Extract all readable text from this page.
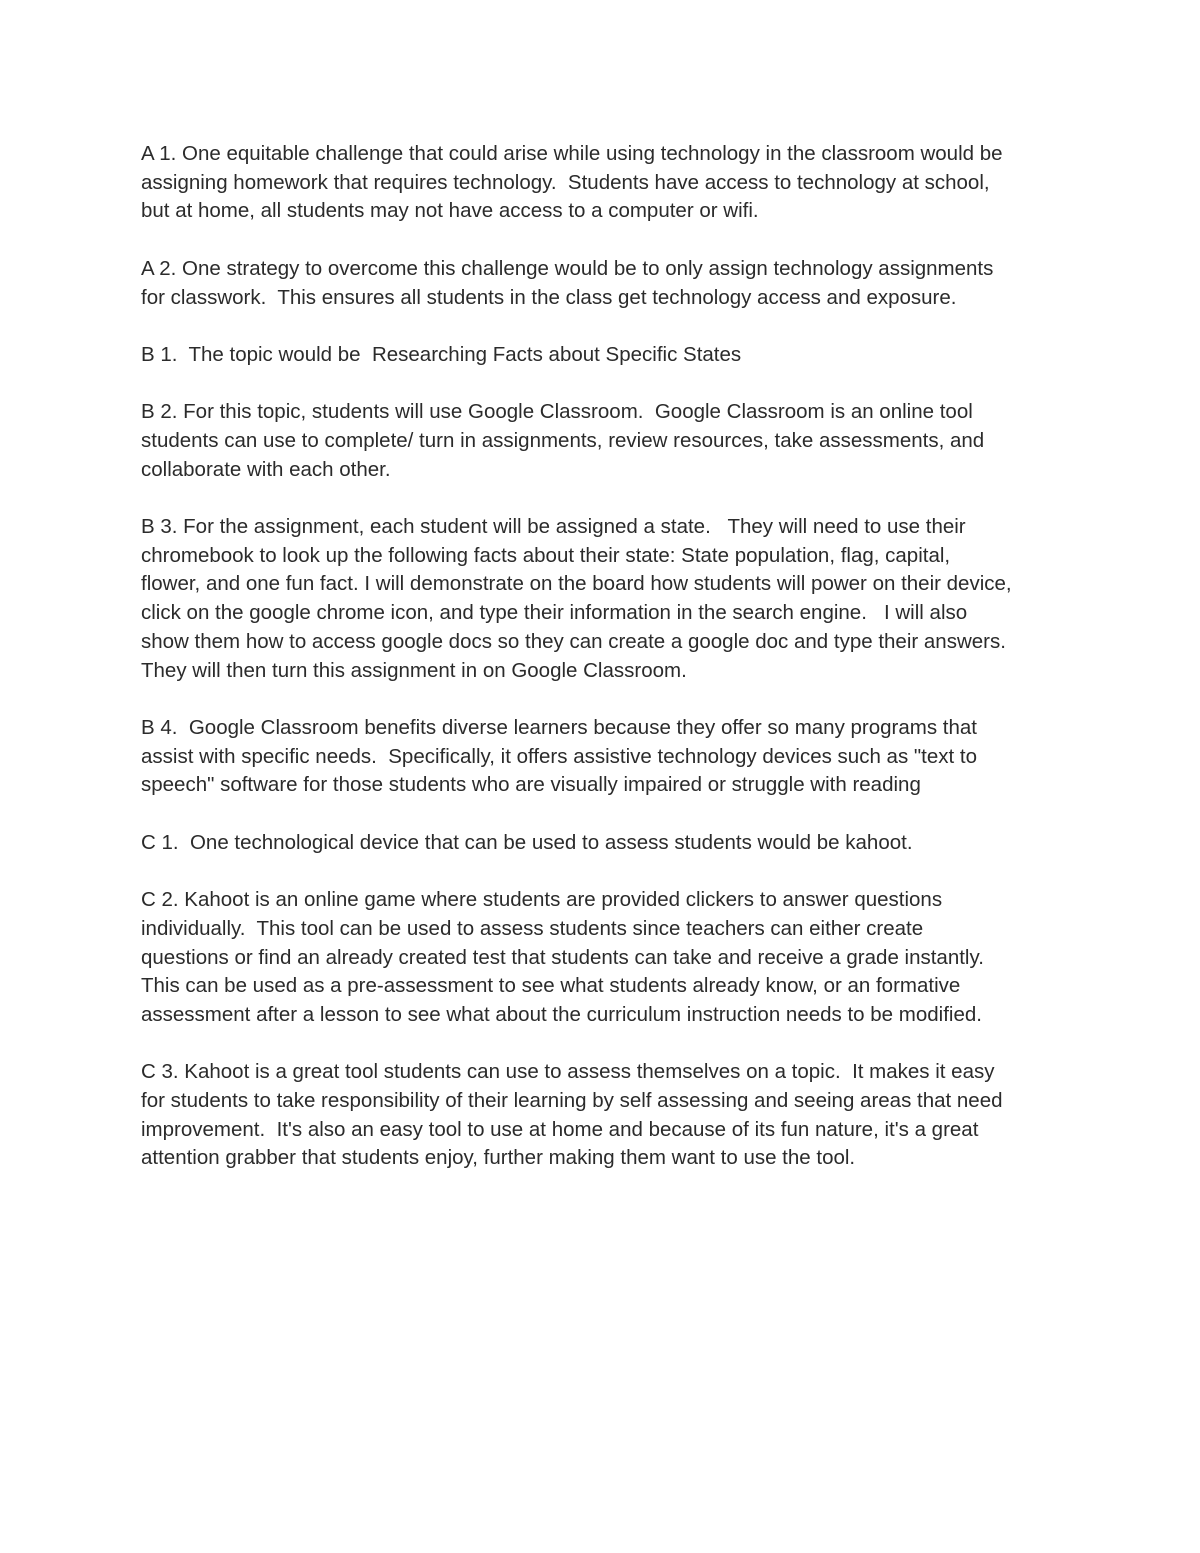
A 1. One equitable challenge that could arise while using technology in the classroom would be
assigning homework that requires technology.  Students have access to technology at school,
but at home, all students may not have access to a computer or wifi.

A 2. One strategy to overcome this challenge would be to only assign technology assignments
for classwork.  This ensures all students in the class get technology access and exposure.

B 1.  The topic would be  Researching Facts about Specific States

B 2. For this topic, students will use Google Classroom.  Google Classroom is an online tool
students can use to complete/ turn in assignments, review resources, take assessments, and
collaborate with each other.

B 3. For the assignment, each student will be assigned a state.   They will need to use their
chromebook to look up the following facts about their state: State population, flag, capital,
flower, and one fun fact. I will demonstrate on the board how students will power on their device,
click on the google chrome icon, and type their information in the search engine.   I will also
show them how to access google docs so they can create a google doc and type their answers.
They will then turn this assignment in on Google Classroom.

B 4.  Google Classroom benefits diverse learners because they offer so many programs that
assist with specific needs.  Specifically, it offers assistive technology devices such as "text to
speech" software for those students who are visually impaired or struggle with reading

C 1.  One technological device that can be used to assess students would be kahoot.

C 2. Kahoot is an online game where students are provided clickers to answer questions
individually.  This tool can be used to assess students since teachers can either create
questions or find an already created test that students can take and receive a grade instantly.
This can be used as a pre-assessment to see what students already know, or an formative
assessment after a lesson to see what about the curriculum instruction needs to be modified.

C 3. Kahoot is a great tool students can use to assess themselves on a topic.  It makes it easy
for students to take responsibility of their learning by self assessing and seeing areas that need
improvement.  It's also an easy tool to use at home and because of its fun nature, it's a great
attention grabber that students enjoy, further making them want to use the tool.
